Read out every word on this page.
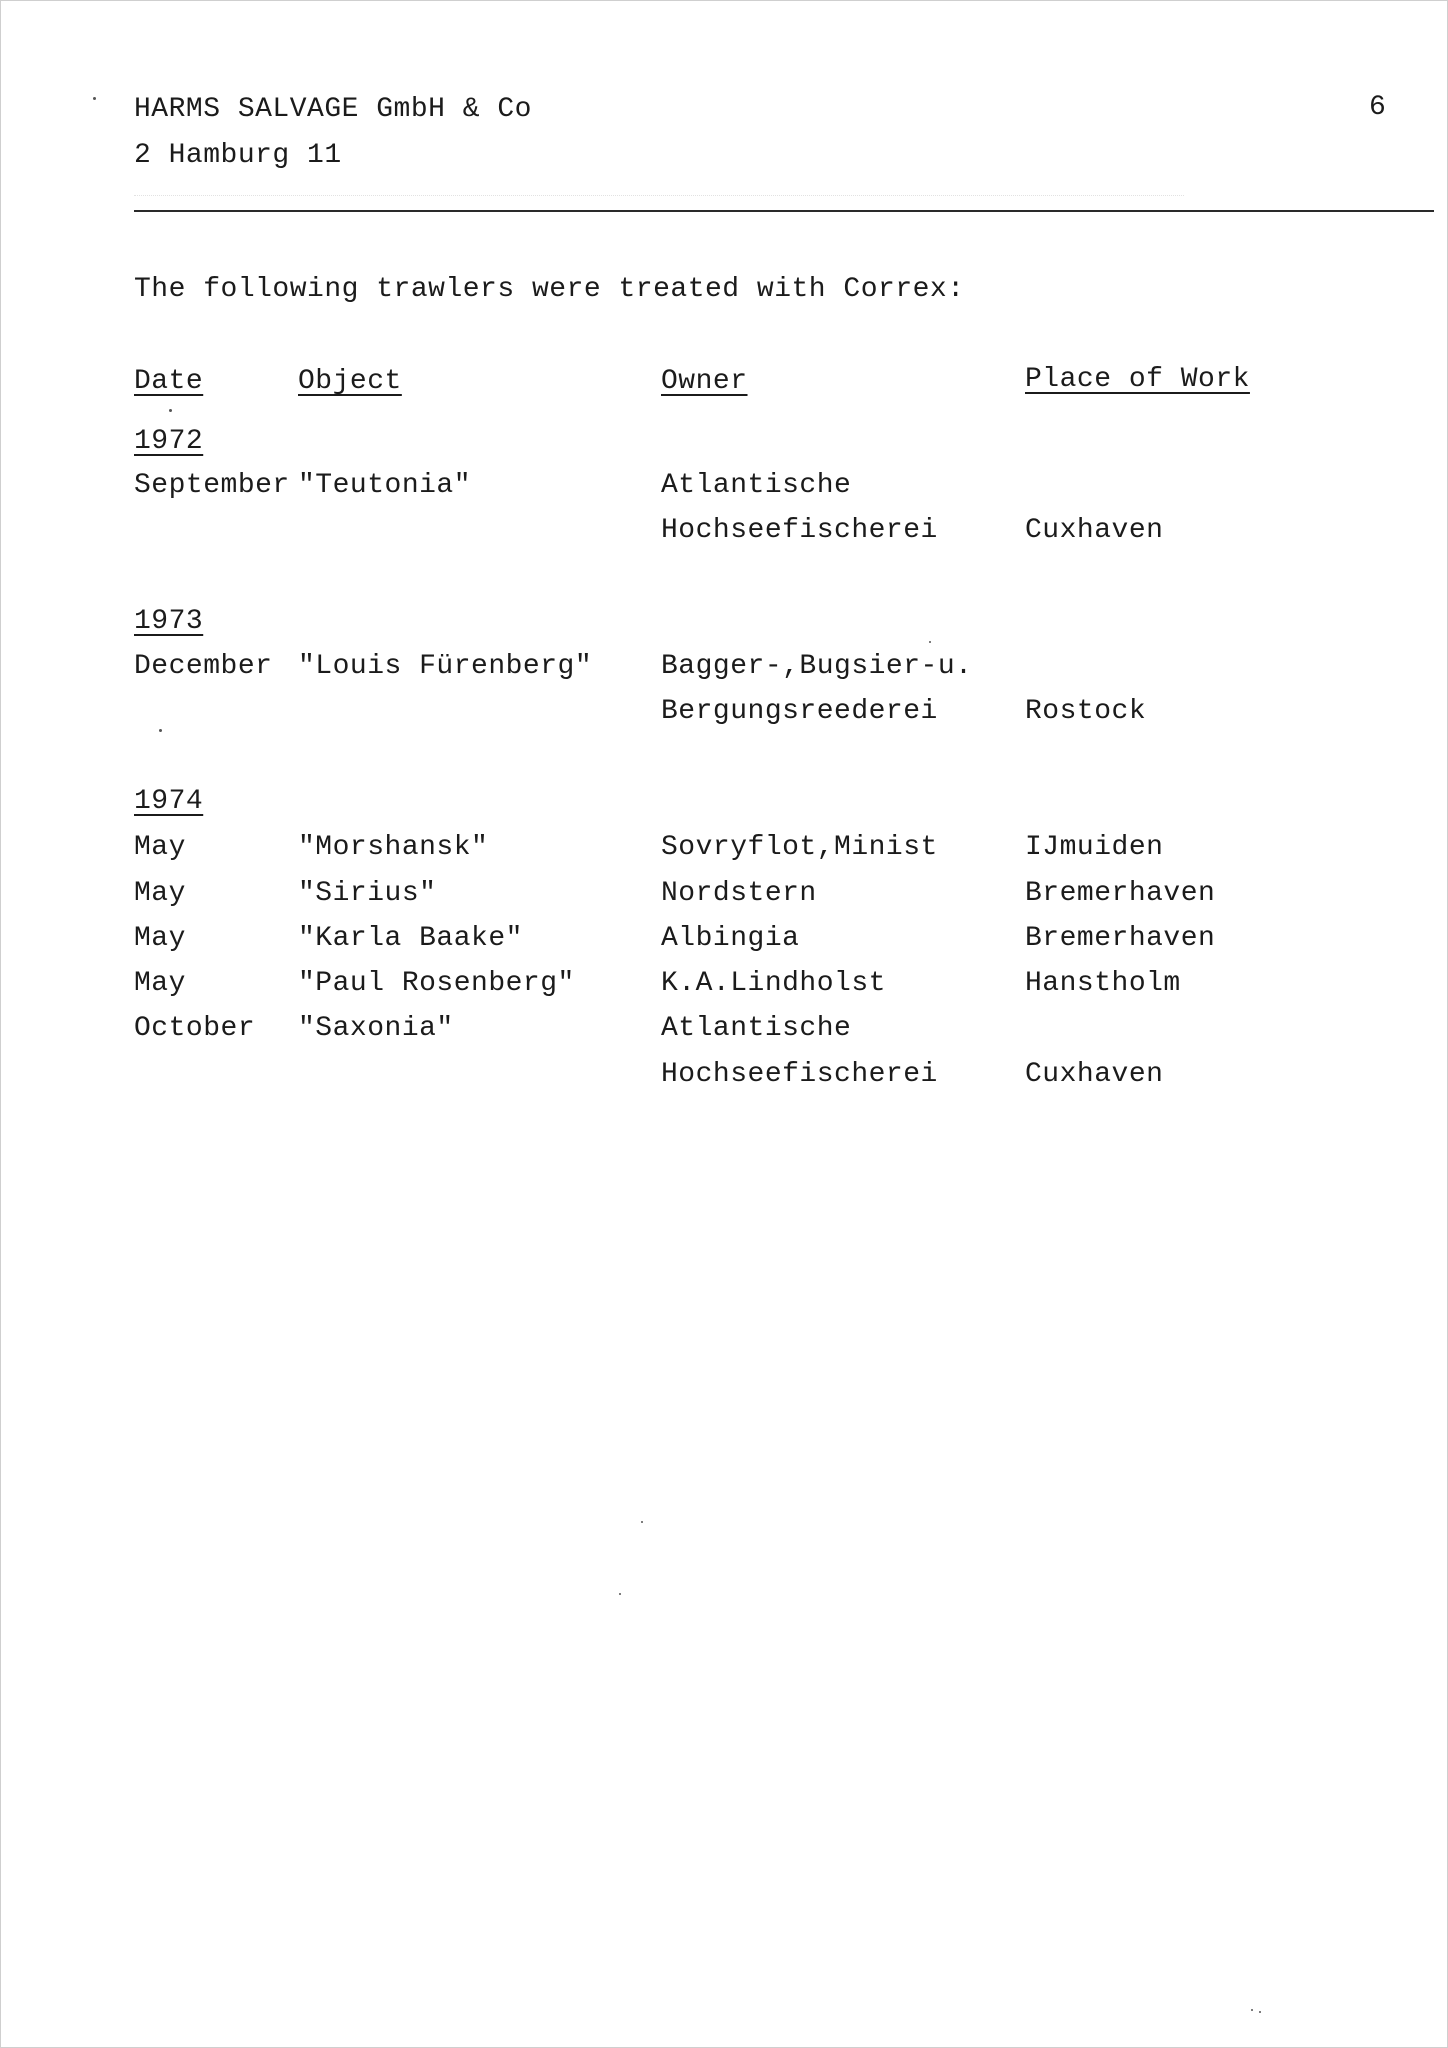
HARMS SALVAGE GmbH & Co
2 Hamburg 11
6
The following trawlers were treated with Correx:
Date	Object	Owner	Place of Work
1972
September "Teutonia"	Atlantische
Hochseefischerei	Cuxhaven
1973
December "Louis Fürenberg" Bagger-,Bugsier-u.
Bergungsreederei	Rostock
1974
May	"Morshansk"	Sovryflot,Minist	IJmuiden
May	"Sirius"	Nordstern	Bremerhaven
May	"Karla Baake"	Albingia	Bremerhaven
May	"Paul Rosenberg"	K.A.Lindholst	Hanstholm
October "Saxonia"	Atlantische
Hochseefischerei	Cuxhaven
